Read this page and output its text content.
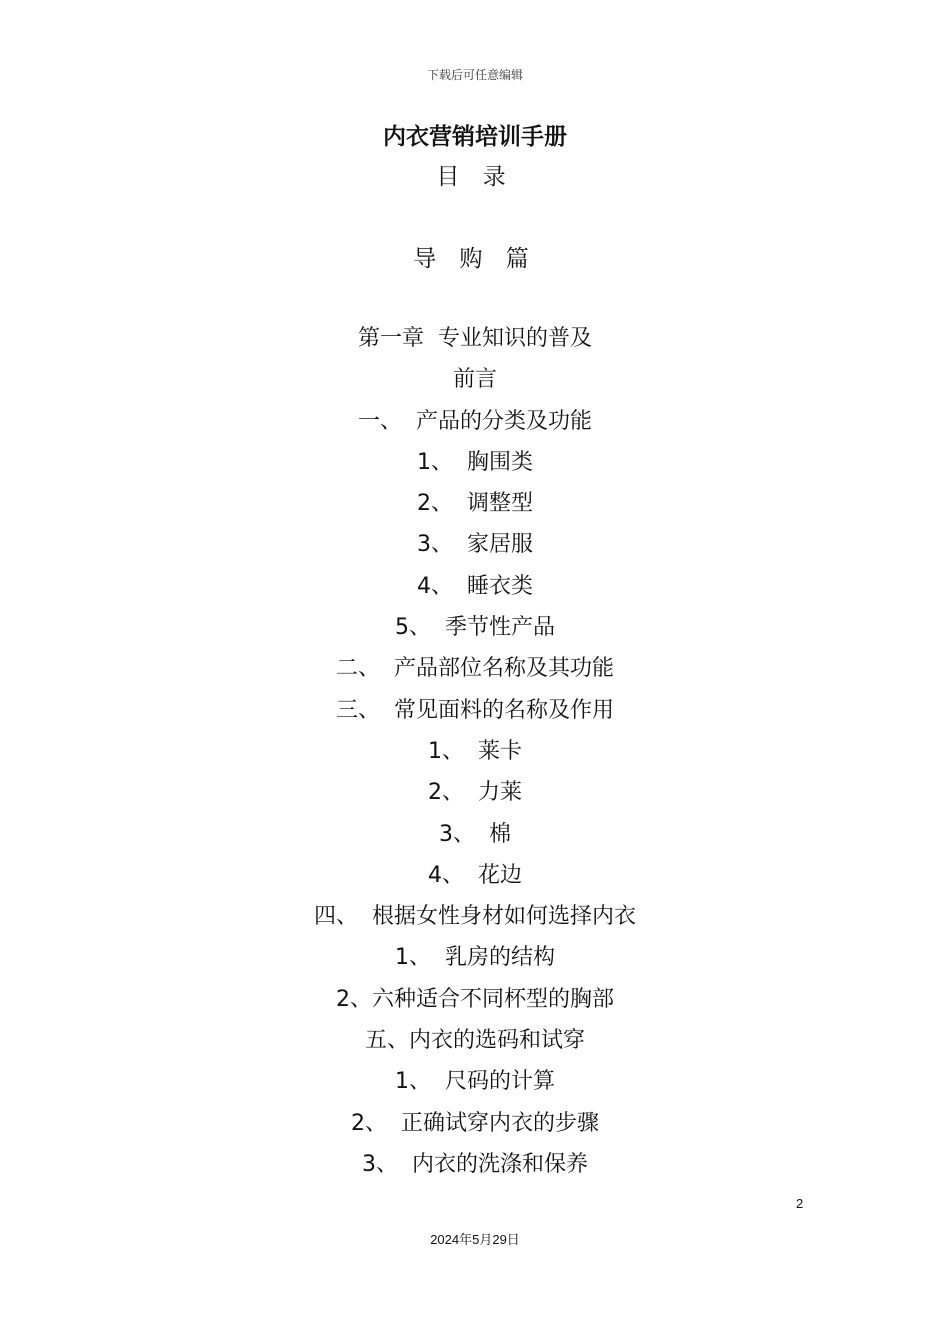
下载后可任意编辑
内衣营销培训手册
目 录
导 购 篇
第一章  专业知识的普及
前言
一、  产品的分类及功能
1、  胸围类
2、  调整型
3、  家居服
4、  睡衣类
5、  季节性产品
二、  产品部位名称及其功能
三、  常见面料的名称及作用
1、  莱卡
2、  力莱
3、  棉
4、  花边
四、  根据女性身材如何选择内衣
1、  乳房的结构
2、六种适合不同杯型的胸部
五、内衣的选码和试穿
1、  尺码的计算
2、  正确试穿内衣的步骤
3、  内衣的洗涤和保养
2
2024年5月29日
